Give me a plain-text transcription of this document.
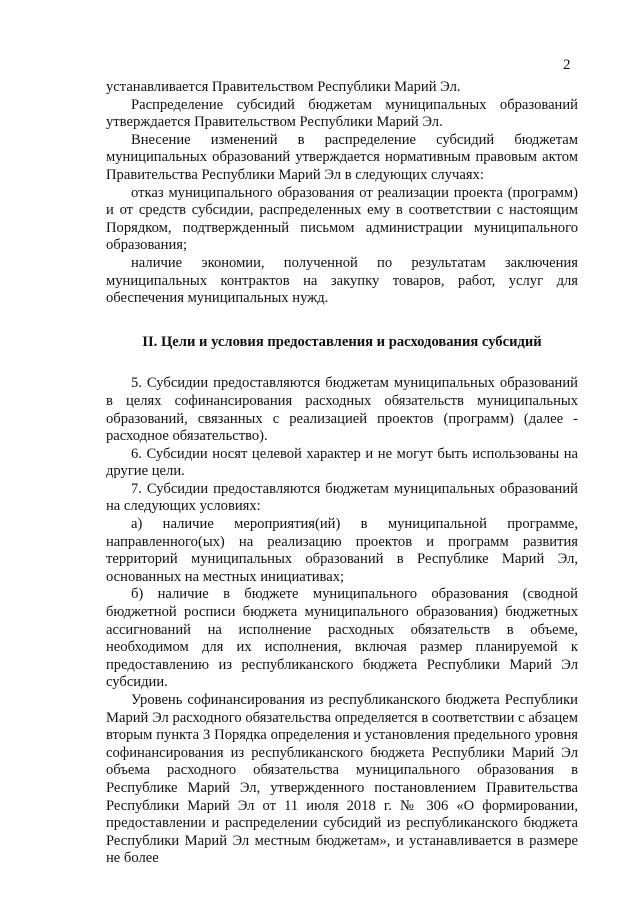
2

устанавливается Правительством Республики Марий Эл.

Распределение субсидий бюджетам муниципальных образований утверждается Правительством Республики Марий Эл.

Внесение изменений в распределение субсидий бюджетам муниципальных образований утверждается нормативным правовым актом Правительства Республики Марий Эл в следующих случаях:

отказ муниципального образования от реализации проекта (программ) и от средств субсидии, распределенных ему в соответствии с настоящим Порядком, подтвержденный письмом администрации муниципального образования;

наличие экономии, полученной по результатам заключения муниципальных контрактов на закупку товаров, работ, услуг для обеспечения муниципальных нужд.

II. Цели и условия предоставления и расходования субсидий

5. Субсидии предоставляются бюджетам муниципальных образований в целях софинансирования расходных обязательств муниципальных образований, связанных с реализацией проектов (программ) (далее - расходное обязательство).

6. Субсидии носят целевой характер и не могут быть использованы на другие цели.

7. Субсидии предоставляются бюджетам муниципальных образований на следующих условиях:

а) наличие мероприятия(ий) в муниципальной программе, направленного(ых) на реализацию проектов и программ развития территорий муниципальных образований в Республике Марий Эл, основанных на местных инициативах;

б) наличие в бюджете муниципального образования (сводной бюджетной росписи бюджета муниципального образования) бюджетных ассигнований на исполнение расходных обязательств в объеме, необходимом для их исполнения, включая размер планируемой к предоставлению из республиканского бюджета Республики Марий Эл субсидии.

Уровень софинансирования из республиканского бюджета Республики Марий Эл расходного обязательства определяется в соответствии с абзацем вторым пункта 3 Порядка определения и установления предельного уровня софинансирования из республиканского бюджета Республики Марий Эл объема расходного обязательства муниципального образования в Республике Марий Эл, утвержденного постановлением Правительства Республики Марий Эл от 11 июля 2018 г. № 306 «О формировании, предоставлении и распределении субсидий из республиканского бюджета Республики Марий Эл местным бюджетам», и устанавливается в размере не более
